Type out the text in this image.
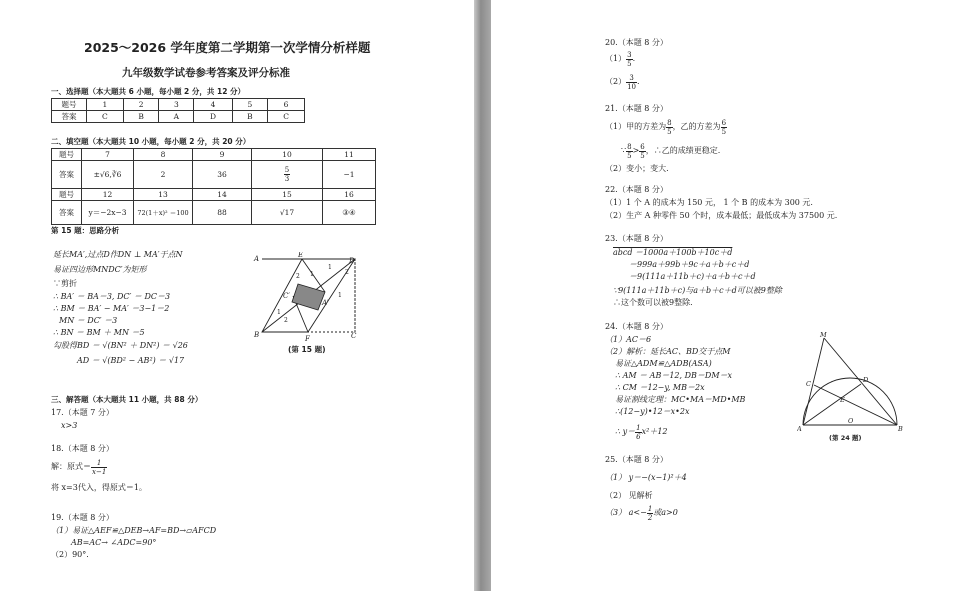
2025～2026 学年度第二学期第一次学情分析样题
九年级数学试卷参考答案及评分标准
一、选择题（本大题共 6 小题，每小题 2 分，共 12 分）
题号	1	2	3	4	5	6
答案	C	B	A	D	B	C
二、填空题（本大题共 10 小题，每小题 2 分，共 20 分）
题号	7	8	9	10	11
答案	±√6,∛6	2	36	$\frac{5}{3}$	−1
题号	12	13	14	15	16
答案	y＝−2x−3	72(1＋x)² ＝100	88	√17	③④
第 15 题：思路分析
延长MA′,过点D作DN ⊥ MA′于点N
易证四边形MNDC′为矩形
∵剪折
∴ BA′ ＝ BA＝3, DC′ ＝ DC＝3
∴ BM ＝ BA′ − MA′ ＝3−1＝2
MN ＝ DC′ ＝3
∴ BN ＝ BM ＋ MN ＝5
勾股得BD ＝ √(BN² ＋ DN²) ＝ √26
AD ＝ √(BD² − AB²) ＝ √17
A	E
D
C′
A′
B	F	C
1
2
2 1
2
1
1
(第 15 题)
三、解答题（本大题共 11 小题，共 88 分）
17.（本题 7 分）
x>3
18.（本题 8 分）
解：原式＝ $\frac{1}{x-1}$
将 x=3代入，得原式＝1。
19.（本题 8 分）
（1）易证△AEF≌△DEB→AF=BD→▱AFCD
AB=AC→ ∠ADC=90°
（2）90°．
20.（本题 8 分）
$(1) \frac{3}{5}$ .
$(2) \frac{3}{10}$ .
21.（本题 8 分）
（1）甲的方差为 $\frac{8}{5}$ ，乙的方差为 $\frac{6}{5}$
∵ $\frac{8}{5} > \frac{6}{5}$ ，∴乙的成绩更稳定.
（2）变小；变大.
22.（本题 8 分）
（1）1 个 A 的成本为 150 元， 1 个 B 的成本为 300 元.
（2）生产 A 种零件 50 个时，成本最低；最低成本为 37500 元.
23.（本题 8 分）
abcd ＝1000a＋100b＋10c＋d
＝999a＋99b＋9c＋a＋b＋c＋d
＝9(111a＋11b＋c)＋a＋b＋c＋d
∵9(111a＋11b＋c)与a＋b＋c＋d可以被9整除
∴这个数可以被9整除．
24.（本题 8 分）
（1）AC＝6
（2）解析：延长AC、BD交于点M
易证△ADM≌△ADB(ASA)
∴ AM ＝ AB＝12, DB＝DM＝x
∴ CM ＝12−y, MB＝2x
易证割线定理：MC•MA＝MD•MB
∴(12−y)•12＝x•2x
∴ $y= \frac{1}{6} x^2+12$
M
D
C
E
O
A	B
(第 24 题)
25.（本题 8 分）
（1） y＝−(x−1)²＋4
（2） 见解析
（3） $a<- \frac{1}{2}$ 或a>0
